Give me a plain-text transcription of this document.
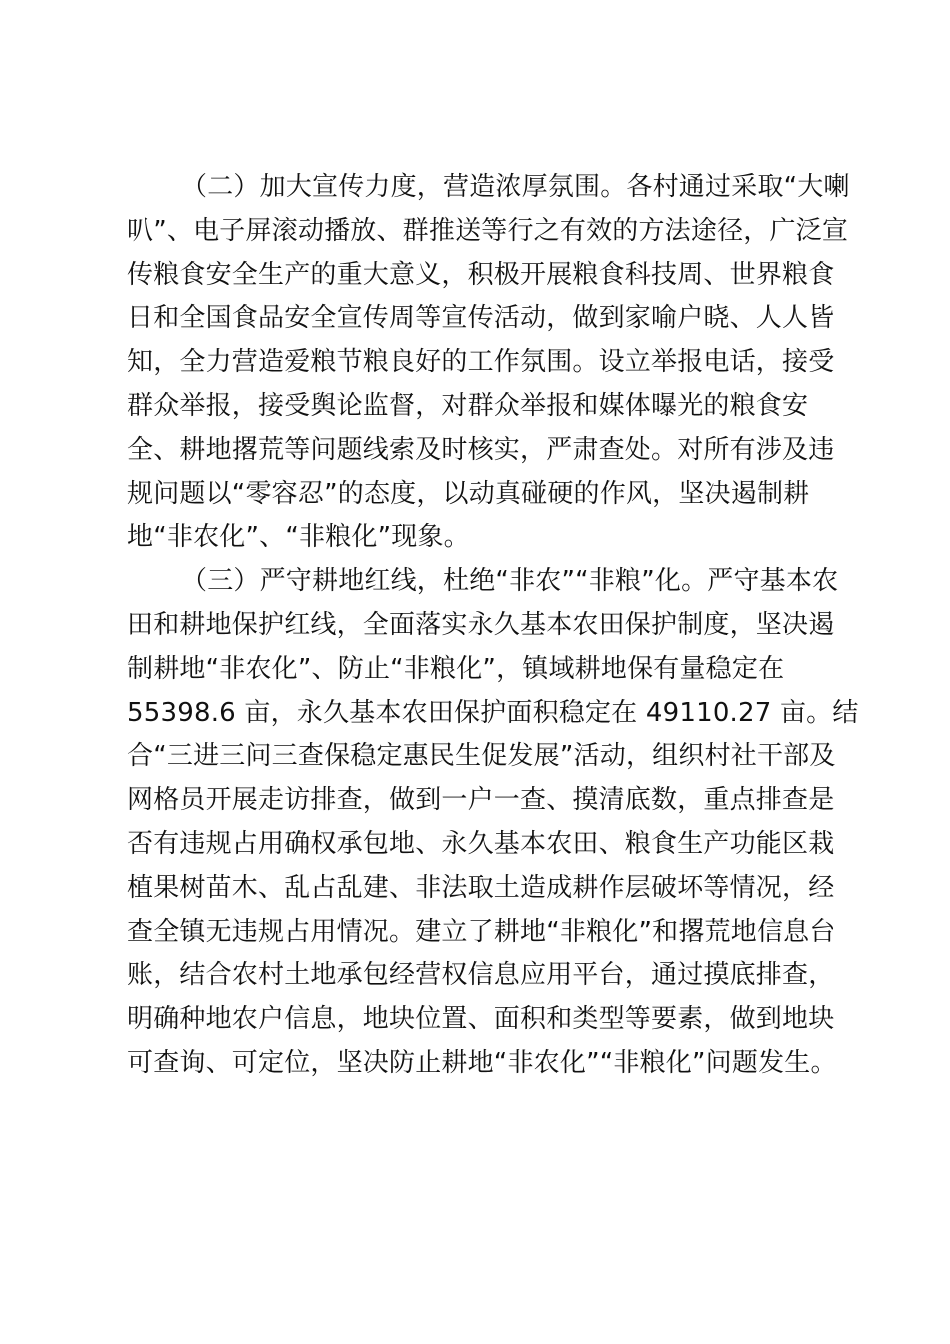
（二）加大宣传力度，营造浓厚氛围。各村通过采取“大喇
叭”、电子屏滚动播放、群推送等行之有效的方法途径，广泛宣
传粮食安全生产的重大意义，积极开展粮食科技周、世界粮食
日和全国食品安全宣传周等宣传活动，做到家喻户晓、人人皆
知，全力营造爱粮节粮良好的工作氛围。设立举报电话，接受
群众举报，接受舆论监督，对群众举报和媒体曝光的粮食安
全、耕地撂荒等问题线索及时核实，严肃查处。对所有涉及违
规问题以“零容忍”的态度，以动真碰硬的作风，坚决遏制耕
地“非农化”、“非粮化”现象。
（三）严守耕地红线，杜绝“非农”“非粮”化。严守基本农
田和耕地保护红线，全面落实永久基本农田保护制度，坚决遏
制耕地“非农化”、防止“非粮化”，镇域耕地保有量稳定在
55398.6 亩，永久基本农田保护面积稳定在 49110.27 亩。结
合“三进三问三查保稳定惠民生促发展”活动，组织村社干部及
网格员开展走访排查，做到一户一查、摸清底数，重点排查是
否有违规占用确权承包地、永久基本农田、粮食生产功能区栽
植果树苗木、乱占乱建、非法取土造成耕作层破坏等情况，经
查全镇无违规占用情况。建立了耕地“非粮化”和撂荒地信息台
账，结合农村土地承包经营权信息应用平台，通过摸底排查，
明确种地农户信息，地块位置、面积和类型等要素，做到地块
可查询、可定位，坚决防止耕地“非农化”“非粮化”问题发生。
